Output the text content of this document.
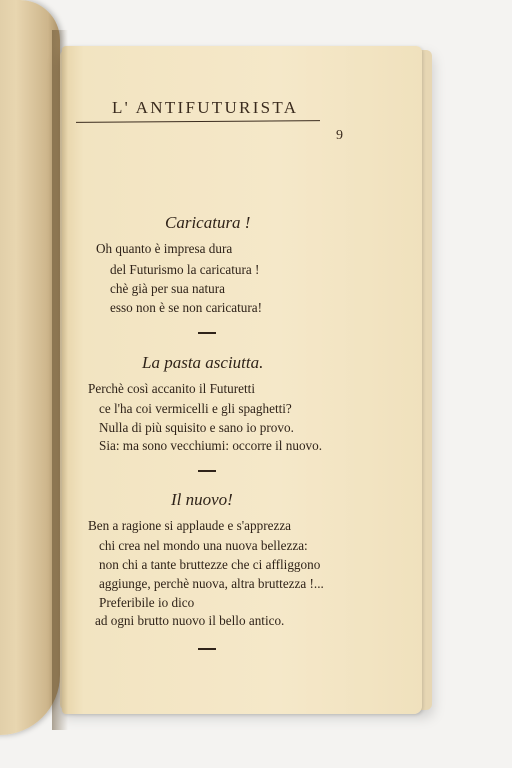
L' ANTIFUTURISTA
9
Caricatura !
Oh quanto è impresa dura
del Futurismo la caricatura !
chè già per sua natura
esso non è se non caricatura!
La pasta asciutta.
Perchè così accanito il Futuretti
ce l'ha coi vermicelli e gli spaghetti?
Nulla di più squisito e sano io provo.
Sia: ma sono vecchiumi: occorre il nuovo.
Il nuovo!
Ben a ragione si applaude e s'apprezza
chi crea nel mondo una nuova bellezza:
non chi a tante bruttezze che ci affliggono
aggiunge, perchè nuova, altra bruttezza !...
Preferibile io dico
ad ogni brutto nuovo il bello antico.
